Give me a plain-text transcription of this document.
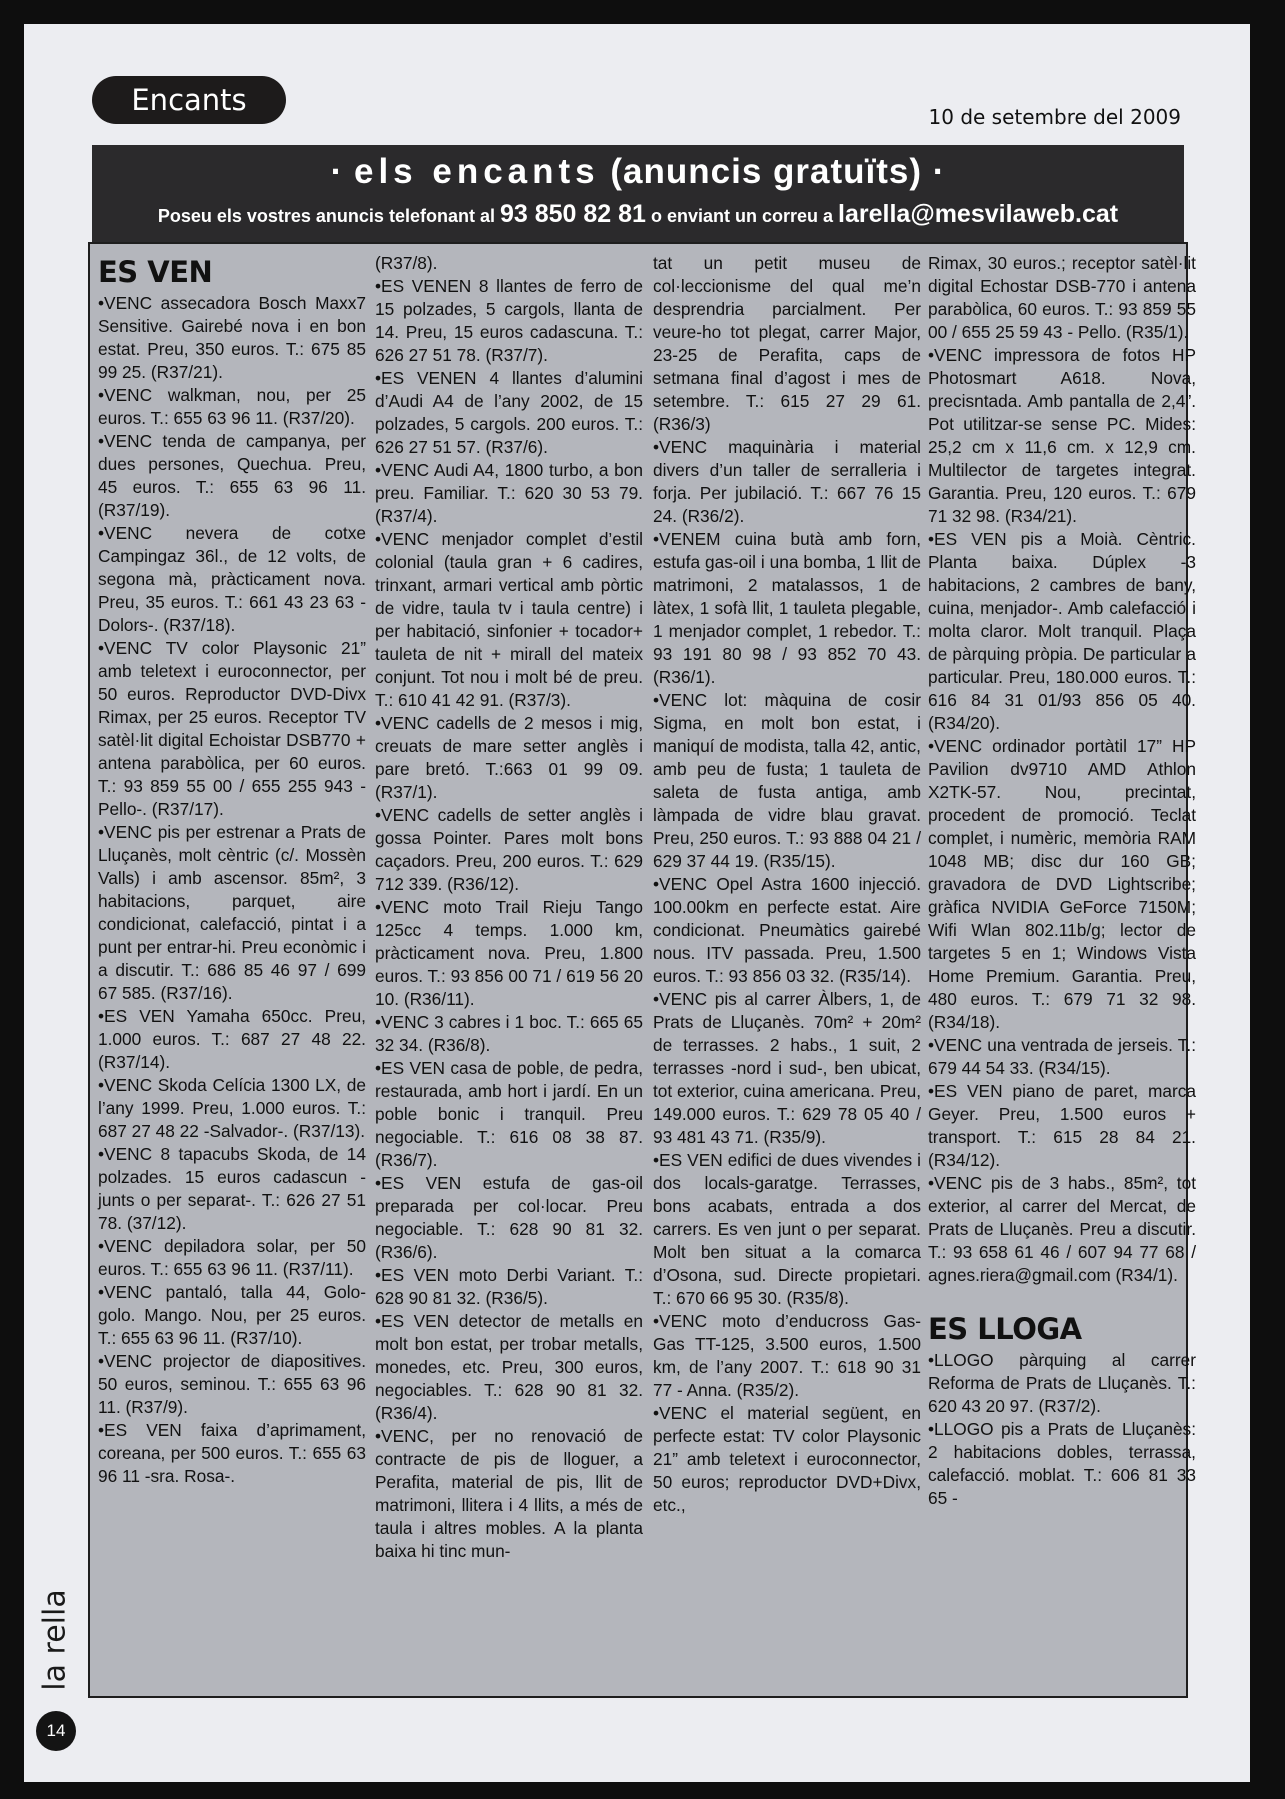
Encants	10 de setembre del 2009
· els encants (anuncis gratuïts) ·
Poseu els vostres anuncis telefonant al 93 850 82 81 o enviant un correu a larella@mesvilaweb.cat
ES VEN

•VENC assecadora Bosch Maxx7 Sensitive. Gairebé nova i en bon estat. Preu, 350 euros. T.: 675 85 99 25. (R37/21).

•VENC walkman, nou, per 25 euros. T.: 655 63 96 11. (R37/20).

•VENC tenda de campanya, per dues persones, Quechua. Preu, 45 euros. T.: 655 63 96 11. (R37/19).

•VENC nevera de cotxe Campingaz 36l., de 12 volts, de segona mà, pràcticament nova. Preu, 35 euros. T.: 661 43 23 63 -Dolors-. (R37/18).

•VENC TV color Playsonic 21” amb teletext i euroconnector, per 50 euros. Reproductor DVD-Divx Rimax, per 25 euros. Receptor TV satèl·lit digital Echoistar DSB770 + antena parabòlica, per 60 euros. T.: 93 859 55 00 / 655 255 943 -Pello-. (R37/17).

•VENC pis per estrenar a Prats de Lluçanès, molt cèntric (c/. Mossèn Valls) i amb ascensor. 85m², 3 habitacions, parquet, aire condicionat, calefacció, pintat i a punt per entrar-hi. Preu econòmic i a discutir. T.: 686 85 46 97 / 699 67 585. (R37/16).

•ES VEN Yamaha 650cc. Preu, 1.000 euros. T.: 687 27 48 22. (R37/14).

•VENC Skoda Celícia 1300 LX, de l’any 1999. Preu, 1.000 euros. T.: 687 27 48 22 -Salvador-. (R37/13).

•VENC 8 tapacubs Skoda, de 14 polzades. 15 euros cadascun -junts o per separat-. T.: 626 27 51 78. (37/12).

•VENC depiladora solar, per 50 euros. T.: 655 63 96 11. (R37/11).

•VENC pantaló, talla 44, Golo-golo. Mango. Nou, per 25 euros. T.: 655 63 96 11. (R37/10).

•VENC projector de diapositives. 50 euros, seminou. T.: 655 63 96 11. (R37/9).

•ES VEN faixa d’aprimament, coreana, per 500 euros. T.: 655 63 96 11 -sra. Rosa-.

(R37/8).

•ES VENEN 8 llantes de ferro de 15 polzades, 5 cargols, llanta de 14. Preu, 15 euros cadascuna. T.: 626 27 51 78. (R37/7).

•ES VENEN 4 llantes d’alumini d’Audi A4 de l’any 2002, de 15 polzades, 5 cargols. 200 euros. T.: 626 27 51 57. (R37/6).

•VENC Audi A4, 1800 turbo, a bon preu. Familiar. T.: 620 30 53 79. (R37/4).

•VENC menjador complet d’estil colonial (taula gran + 6 cadires, trinxant, armari vertical amb pòrtic de vidre, taula tv i taula centre) i per habitació, sinfonier + tocador+ tauleta de nit + mirall del mateix conjunt. Tot nou i molt bé de preu. T.: 610 41 42 91. (R37/3).

•VENC cadells de 2 mesos i mig, creuats de mare setter anglès i pare bretó. T.:663 01 99 09. (R37/1).

•VENC cadells de setter anglès i gossa Pointer. Pares molt bons caçadors. Preu, 200 euros. T.: 629 712 339. (R36/12).

•VENC moto Trail Rieju Tango 125cc 4 temps. 1.000 km, pràcticament nova. Preu, 1.800 euros. T.: 93 856 00 71 / 619 56 20 10. (R36/11).

•VENC 3 cabres i 1 boc. T.: 665 65 32 34. (R36/8).

•ES VEN casa de poble, de pedra, restaurada, amb hort i jardí. En un poble bonic i tranquil. Preu negociable. T.: 616 08 38 87. (R36/7).

•ES VEN estufa de gas-oil preparada per col·locar. Preu negociable. T.: 628 90 81 32. (R36/6).

•ES VEN moto Derbi Variant. T.: 628 90 81 32. (R36/5).

•ES VEN detector de metalls en molt bon estat, per trobar metalls, monedes, etc. Preu, 300 euros, negociables. T.: 628 90 81 32. (R36/4).

•VENC, per no renovació de contracte de pis de lloguer, a Perafita, material de pis, llit de matrimoni, llitera i 4 llits, a més de taula i altres mobles. A la planta baixa hi tinc mun-

tat un petit museu de col·leccionisme del qual me’n desprendria parcialment. Per veure-ho tot plegat, carrer Major, 23-25 de Perafita, caps de setmana final d’agost i mes de setembre. T.: 615 27 29 61. (R36/3)

•VENC maquinària i material divers d’un taller de serralleria i forja. Per jubilació. T.: 667 76 15 24. (R36/2).

•VENEM cuina butà amb forn, estufa gas-oil i una bomba, 1 llit de matrimoni, 2 matalassos, 1 de làtex, 1 sofà llit, 1 tauleta plegable, 1 menjador complet, 1 rebedor. T.: 93 191 80 98 / 93 852 70 43. (R36/1).

•VENC lot: màquina de cosir Sigma, en molt bon estat, i maniquí de modista, talla 42, antic, amb peu de fusta; 1 tauleta de saleta de fusta antiga, amb làmpada de vidre blau gravat. Preu, 250 euros. T.: 93 888 04 21 / 629 37 44 19. (R35/15).

•VENC Opel Astra 1600 injecció. 100.00km en perfecte estat. Aire condicionat. Pneumàtics gairebé nous. ITV passada. Preu, 1.500 euros. T.: 93 856 03 32. (R35/14).

•VENC pis al carrer Àlbers, 1, de Prats de Lluçanès. 70m² + 20m² de terrasses. 2 habs., 1 suit, 2 terrasses -nord i sud-, ben ubicat, tot exterior, cuina americana. Preu, 149.000 euros. T.: 629 78 05 40 / 93 481 43 71. (R35/9).

•ES VEN edifici de dues vivendes i dos locals-garatge. Terrasses, bons acabats, entrada a dos carrers. Es ven junt o per separat. Molt ben situat a la comarca d’Osona, sud. Directe propietari. T.: 670 66 95 30. (R35/8).

•VENC moto d’enducross Gas-Gas TT-125, 3.500 euros, 1.500 km, de l’any 2007. T.: 618 90 31 77 - Anna. (R35/2).

•VENC el material següent, en perfecte estat: TV color Playsonic 21” amb teletext i euroconnector, 50 euros; reproductor DVD+Divx, etc.,

Rimax, 30 euros.; receptor satèl·lit digital Echostar DSB-770 i antena parabòlica, 60 euros. T.: 93 859 55 00 / 655 25 59 43 - Pello. (R35/1).

•VENC impressora de fotos HP Photosmart A618. Nova, precisntada. Amb pantalla de 2,4”. Pot utilitzar-se sense PC. Mides: 25,2 cm x 11,6 cm. x 12,9 cm. Multilector de targetes integrat. Garantia. Preu, 120 euros. T.: 679 71 32 98. (R34/21).

•ES VEN pis a Moià. Cèntric. Planta baixa. Dúplex -3 habitacions, 2 cambres de bany, cuina, menjador-. Amb calefacció i molta claror. Molt tranquil. Plaça de pàrquing pròpia. De particular a particular. Preu, 180.000 euros. T.: 616 84 31 01/93 856 05 40. (R34/20).

•VENC ordinador portàtil 17” HP Pavilion dv9710 AMD Athlon X2TK-57. Nou, precintat, procedent de promoció. Teclat complet, i numèric, memòria RAM 1048 MB; disc dur 160 GB; gravadora de DVD Lightscribe; gràfica NVIDIA GeForce 7150M; Wifi Wlan 802.11b/g; lector de targetes 5 en 1; Windows Vista Home Premium. Garantia. Preu, 480 euros. T.: 679 71 32 98. (R34/18).

•VENC una ventrada de jerseis. T.: 679 44 54 33. (R34/15).

•ES VEN piano de paret, marca Geyer. Preu, 1.500 euros + transport. T.: 615 28 84 21. (R34/12).

•VENC pis de 3 habs., 85m², tot exterior, al carrer del Mercat, de Prats de Lluçanès. Preu a discutir. T.: 93 658 61 46 / 607 94 77 68 / agnes.riera@gmail.com (R34/1).

ES LLOGA

•LLOGO pàrquing al carrer Reforma de Prats de Lluçanès. T.: 620 43 20 97. (R37/2).

•LLOGO pis a Prats de Lluçanès: 2 habitacions dobles, terrassa, calefacció. moblat. T.: 606 81 33 65 -

la rella
14
